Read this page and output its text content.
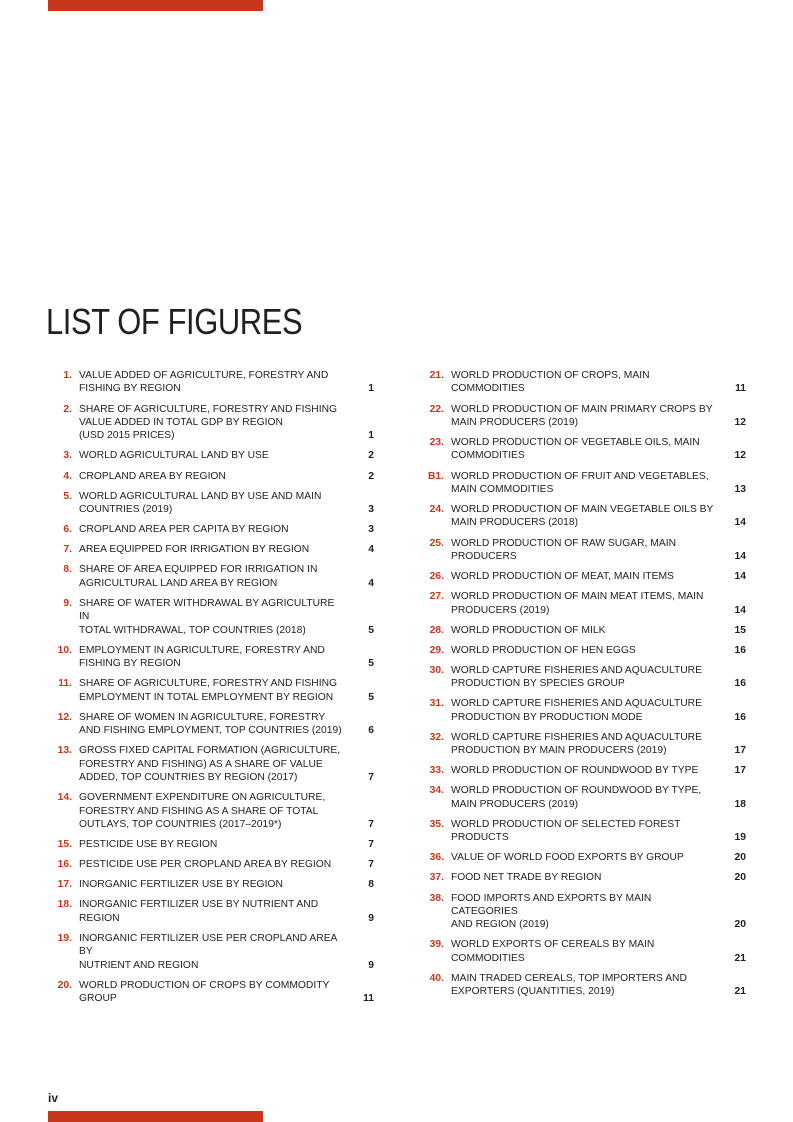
LIST OF FIGURES
1. VALUE ADDED OF AGRICULTURE, FORESTRY AND
FISHING BY REGION	1
2. SHARE OF AGRICULTURE, FORESTRY AND FISHING
VALUE ADDED IN TOTAL GDP BY REGION
(USD 2015 PRICES)	1
3. WORLD AGRICULTURAL LAND BY USE	2
4. CROPLAND AREA BY REGION	2
5. WORLD AGRICULTURAL LAND BY USE AND MAIN
COUNTRIES (2019)	3
6. CROPLAND AREA PER CAPITA BY REGION	3
7. AREA EQUIPPED FOR IRRIGATION BY REGION	4
8. SHARE OF AREA EQUIPPED FOR IRRIGATION IN
AGRICULTURAL LAND AREA BY REGION	4
9. SHARE OF WATER WITHDRAWAL BY AGRICULTURE IN
TOTAL WITHDRAWAL, TOP COUNTRIES (2018)	5
10. EMPLOYMENT IN AGRICULTURE, FORESTRY AND
FISHING BY REGION	5
11. SHARE OF AGRICULTURE, FORESTRY AND FISHING
EMPLOYMENT IN TOTAL EMPLOYMENT BY REGION	5
12. SHARE OF WOMEN IN AGRICULTURE, FORESTRY
AND FISHING EMPLOYMENT, TOP COUNTRIES (2019)	6
13. GROSS FIXED CAPITAL FORMATION (AGRICULTURE,
FORESTRY AND FISHING) AS A SHARE OF VALUE
ADDED, TOP COUNTRIES BY REGION (2017)	7
14. GOVERNMENT EXPENDITURE ON AGRICULTURE,
FORESTRY AND FISHING AS A SHARE OF TOTAL
OUTLAYS, TOP COUNTRIES (2017–2019*)	7
15. PESTICIDE USE BY REGION	7
16. PESTICIDE USE PER CROPLAND AREA BY REGION	7
17. INORGANIC FERTILIZER USE BY REGION	8
18. INORGANIC FERTILIZER USE BY NUTRIENT AND
REGION	9
19. INORGANIC FERTILIZER USE PER CROPLAND AREA BY
NUTRIENT AND REGION	9
20. WORLD PRODUCTION OF CROPS BY COMMODITY
GROUP	11
21. WORLD PRODUCTION OF CROPS, MAIN
COMMODITIES	11
22. WORLD PRODUCTION OF MAIN PRIMARY CROPS BY
MAIN PRODUCERS (2019)	12
23. WORLD PRODUCTION OF VEGETABLE OILS, MAIN
COMMODITIES	12
B1. WORLD PRODUCTION OF FRUIT AND VEGETABLES,
MAIN COMMODITIES	13
24. WORLD PRODUCTION OF MAIN VEGETABLE OILS BY
MAIN PRODUCERS (2018)	14
25. WORLD PRODUCTION OF RAW SUGAR, MAIN
PRODUCERS	14
26. WORLD PRODUCTION OF MEAT, MAIN ITEMS	14
27. WORLD PRODUCTION OF MAIN MEAT ITEMS, MAIN
PRODUCERS (2019)	14
28. WORLD PRODUCTION OF MILK	15
29. WORLD PRODUCTION OF HEN EGGS	16
30. WORLD CAPTURE FISHERIES AND AQUACULTURE
PRODUCTION BY SPECIES GROUP	16
31. WORLD CAPTURE FISHERIES AND AQUACULTURE
PRODUCTION BY PRODUCTION MODE	16
32. WORLD CAPTURE FISHERIES AND AQUACULTURE
PRODUCTION BY MAIN PRODUCERS (2019)	17
33. WORLD PRODUCTION OF ROUNDWOOD BY TYPE	17
34. WORLD PRODUCTION OF ROUNDWOOD BY TYPE,
MAIN PRODUCERS (2019)	18
35. WORLD PRODUCTION OF SELECTED FOREST
PRODUCTS	19
36. VALUE OF WORLD FOOD EXPORTS BY GROUP	20
37. FOOD NET TRADE BY REGION	20
38. FOOD IMPORTS AND EXPORTS BY MAIN CATEGORIES
AND REGION (2019)	20
39. WORLD EXPORTS OF CEREALS BY MAIN
COMMODITIES	21
40. MAIN TRADED CEREALS, TOP IMPORTERS AND
EXPORTERS (QUANTITIES, 2019)	21
iv
